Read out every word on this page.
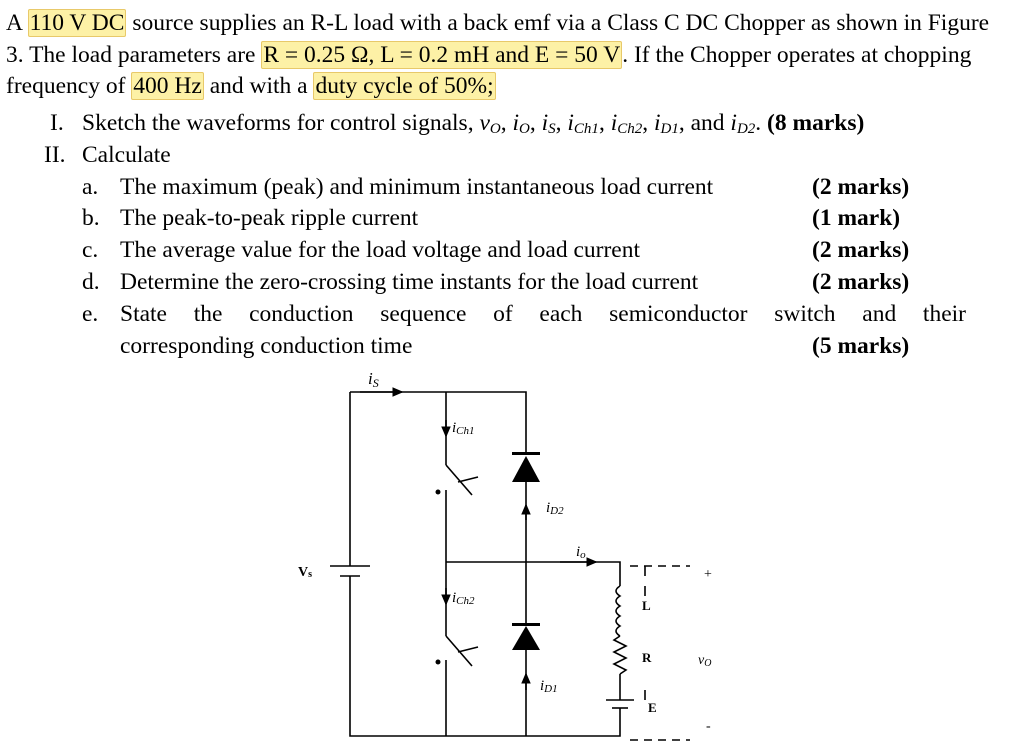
A 110 V DC source supplies an R-L load with a back emf via a Class C DC Chopper as shown in Figure 3. The load parameters are R = 0.25 Ω, L = 0.2 mH and E = 50 V. If the Chopper operates at chopping frequency of 400 Hz and with a duty cycle of 50%;
I. Sketch the waveforms for control signals, $v_O$, $i_O$, $i_S$, $i_{Ch1}$, $i_{Ch2}$, $i_{D1}$, and $i_{D2}$. (8 marks)
II. Calculate
a. The maximum (peak) and minimum instantaneous load current	(2 marks)
b. The peak-to-peak ripple current	(1 mark)
c. The average value for the load voltage and load current	(2 marks)
d. Determine the zero-crossing time instants for the load current	(2 marks)
e. State the conduction sequence of each semiconductor switch and their
corresponding conduction time	(5 marks)
iS
iCh1
iD2
io
Vs
iCh2
iD1
L
R
E
+
-
vO
